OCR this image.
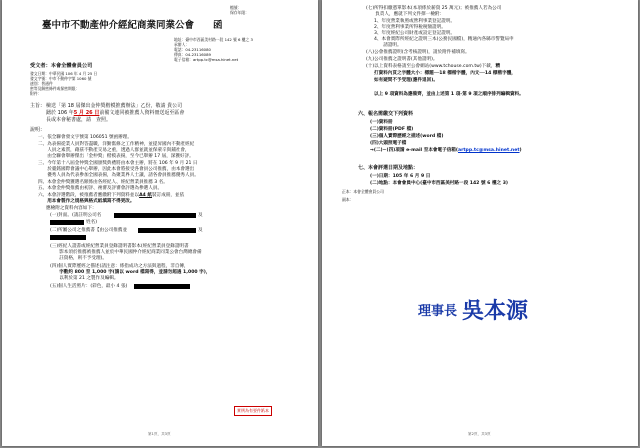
檔號：
保存年限：
臺中市不動產仲介經紀商業同業公會　　函
地址：臺中市西區美村路一段 142 號 6 樓之 3
承辦人：
電話：04-23116080
傳真：04-23116089
電子信箱：artpp.tc@msa.hinet.net
受文者：本會全體會員公司
發文日期：中華民國 106 年 4 月 25 日
發文字號：中市不動仲字第 1060 號
速別：普通件
密等及解密條件或保密期限：
附件：
主旨： 檢送「第 18 屆傑出金仲獎楷模推薦辦法」乙份，敬請 貴公司
踴於 106 年5 月 26 日前備文連同被推薦人資料冊送返至區會
長或本會秘書處，請　查照。
說明：
一、依全聯會發文字號第 106051 號函辦理。
二、為表揚從業人員對答盡職，洋勤奮修之工作精神，並提昇國內不動產經紀
　　人員之素質，藉茲不動產交易之重，透過人群並就並保蒙辛與鋪社會，
　　由全聯會舉辦傑出「金仲獎」楷模表揚，至今已舉辦 17 屆，深獲好評。
三、今年第十八屆金仲獎全國頒獎典禮將由本會主辦，將在 106 年 9 月 21 日
　　於臺銘國際會議中心舉辦，因此本會將接受各會員公司推薦，由本會選出
　　優秀人員為代表參加全國表揚，為聚業界人士讓，請各會員推薦優秀人員。
四、本會金仲獎獲選名額係由各經紀人、經紀營業員推薦 3 名。
五、本會金仲獎推薦由初評、複審及評審會評選為參選人員。
六、本會評選階段，被推薦者應繳附下列資料並以A4 紙裝訂成冊，並依
　　用本會製作之規格與格式紙填寫不得更改。
應檢附之資料內容如下：
(一)封面。(請註明公司名	及
姓名)
(二)所屬公司之推薦書【由公司推薦並	及
(三)經紀人證書或經紀營業員登錄證明書影本(經紀營業員登錄證明書
　　影本須於推薦被推薦人並於中華民國仲介經紀商業同業公會台灣總會備
　　註資格，則不予受理)。
(四)個人實際歷經之描述(請注意：係指成功之方法與過程，非自傳，
　　字數約 800 至 1,000 字(請以 word 檔寫得，並請勿超過 1,000 字)，
　　以利於第 21 之製作及編輯。
(五)個人生活照片：(彩色，最小 4 張)
實例為有要件紙本
第1頁，共3頁
(七)所得扣繳憑單影本(本項係於薪資 25 萬元)；被推薦人若為公司
　　負責人，應就下列文件擇一檢附：
1、年度營業執照或營利事業登記證明。
2、年度營利事業所得稅稅額證明。
3、年度經紀公司財產或設定登記證明。
4、本會實際所經紀之證明三本(公務民國檔)，精通內各縣市警覽局申
　　請證明。
(八)公會推薦證明(含考核證明)，請於附件補填寫。
(九)公司推薦之證明書(其他證明)。
(十)以上資料表格請至公會網站(www.tchouse.com.tw)下載，精
打資料內頁之字體大小：標題──18 標楷字體，內文──14 標楷字體，
如有疑問不予受理(應件退回)。
以上 9 項資料為應備齊，並由上述第 1 項-第 9 項之順序排列編輯資料。
六、報名需繳交下列資料
(一)資料冊
(二)資料冊(PDF 檔)
(三)個人實際歷經之描述(word 檔)
(四)大頭照電子檔
→(二)~(四)項請 e-mail 至本會電子信箱(artpp.tc@msa.hinet.net)
七、本會評選日期及地點：
(一)日期：105 年 6 月 9 日
(二)地點：本會會員中心(臺中市西區美村路一段 142 號 6 樓之 3)
正本：本會全體會員公司
副本：
理事長 吳本源
第2頁，共3頁
